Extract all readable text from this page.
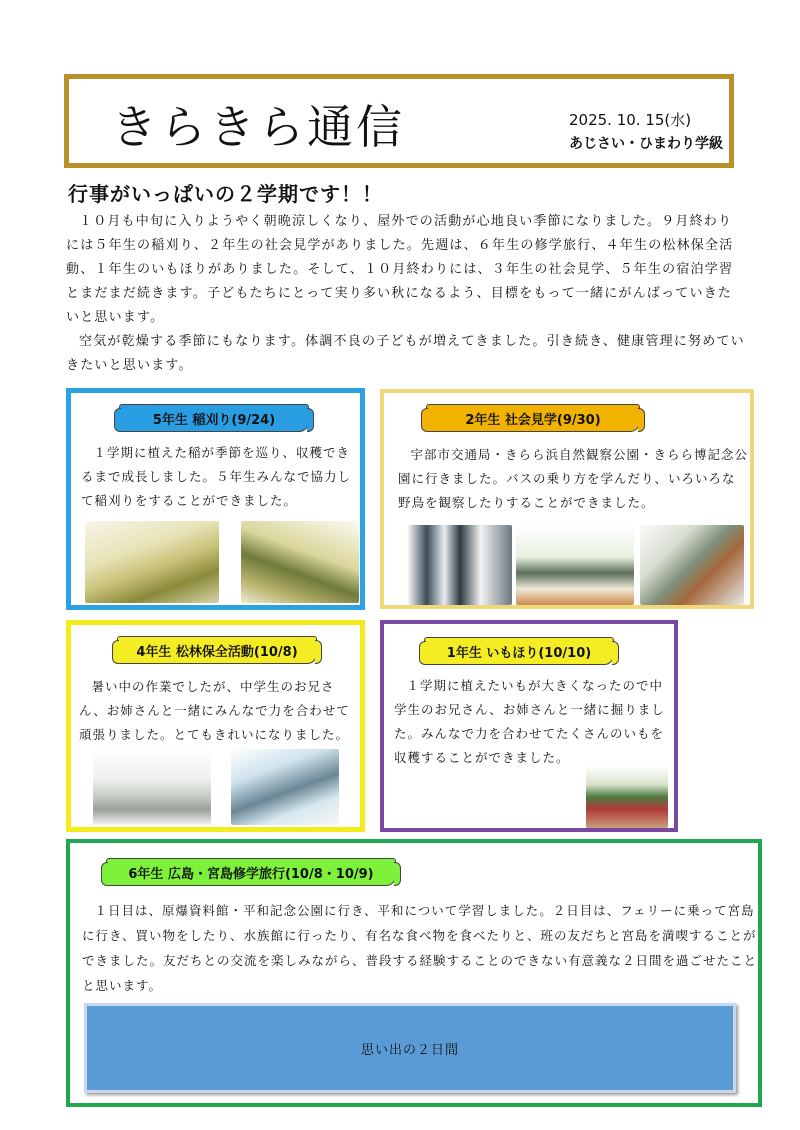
きらきら通信	2025. 10. 15(水)
あじさい・ひまわり学級
行事がいっぱいの２学期です！！

１０月も中旬に入りようやく朝晩涼しくなり、屋外での活動が心地良い季節になりました。９月終わりには５年生の稲刈り、２年生の社会見学がありました。先週は、６年生の修学旅行、４年生の松林保全活動、１年生のいもほりがありました。そして、１０月終わりには、３年生の社会見学、５年生の宿泊学習とまだまだ続きます。子どもたちにとって実り多い秋になるよう、目標をもって一緒にがんばっていきたいと思います。

空気が乾燥する季節にもなります。体調不良の子どもが増えてきました。引き続き、健康管理に努めていきたいと思います。

5年生 稲刈り(9/24)

１学期に植えた稲が季節を巡り、収穫できるまで成長しました。５年生みんなで協力して稲刈りをすることができました。

2年生 社会見学(9/30)

宇部市交通局・きらら浜自然観察公園・きらら博記念公園に行きました。バスの乗り方を学んだり、いろいろな野鳥を観察したりすることができました。

4年生 松林保全活動(10/8)

暑い中の作業でしたが、中学生のお兄さん、お姉さんと一緒にみんなで力を合わせて頑張りました。とてもきれいになりました。

1年生 いもほり(10/10)

１学期に植えたいもが大きくなったので中学生のお兄さん、お姉さんと一緒に掘りました。みんなで力を合わせてたくさんのいもを収穫することができました。

6年生 広島・宮島修学旅行(10/8・10/9)

１日目は、原爆資料館・平和記念公園に行き、平和について学習しました。２日目は、フェリーに乗って宮島に行き、買い物をしたり、水族館に行ったり、有名な食べ物を食べたりと、班の友だちと宮島を満喫することができました。友だちとの交流を楽しみながら、普段する経験することのできない有意義な２日間を過ごせたことと思います。

思い出の２日間
